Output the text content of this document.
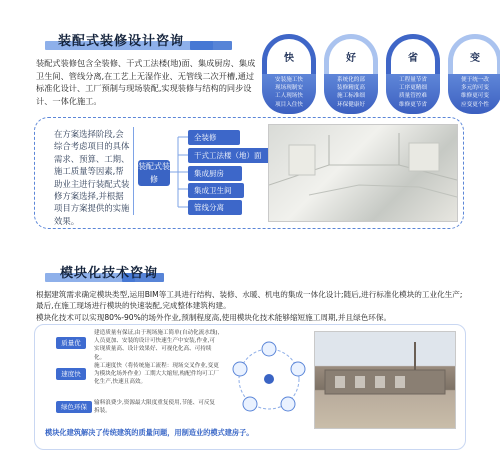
装配式装修设计咨询
装配式装修包含全装修、干式工法楼(地)面、集成厨房、集成卫生间、管线分离,在工艺上无湿作业、无管线二次开槽,通过标准化设计、工厂预制与现场装配,实现装修与结构的同步设计、一体化施工。
快
安装施工快
现场现制安
工人现场快
项目入住快
好
系统化的部
装修精度高
施工标准细
环保健康好
省
工程量节省
工序更精细
质量管控难
维修更节省
变
便于统一改
多元的可变
维修更可变
应变更个性
在方案选择阶段,会综合考虑项目的具体需求、预算、工期、施工质量等因素,帮助业主进行装配式装修方案选择,并根据项目方案提供的实施效果。
装配式装修
全装修
干式工法楼（地）面
集成厨房
集成卫生间
管线分离
模块化技术咨询
根据建筑需求确定模块类型,运用BIM等工具进行结构、装修、水暖、机电的集成一体化设计;随后,进行标准化模块的工业化生产;最后,在施工现场进行模块的快速装配,完成整体建筑构建。
模块化技术可以实现80%-90%的场外作业,预制程度高,使用模块化技术能够缩短施工周期,并且绿色环保。
质量优
建造质量有保证,由于现场施工简单(自动化流水线),人员更加、安装的设计可快速生产中安装,作业,可实现质量高、设计效果好、可视化化高、可持续化。
速度快
施工速度快（将传统施工流程：现场交叉作业,变更为模块化场外作业）工期大大缩短,构配件均可工厂化生产,快速且高效。
绿色环保	输料浪费少,资源最大限度重复使用,节能、可反复拆装。
模块化建筑解决了传统建筑的质量问题，用制造业的模式建房子。
